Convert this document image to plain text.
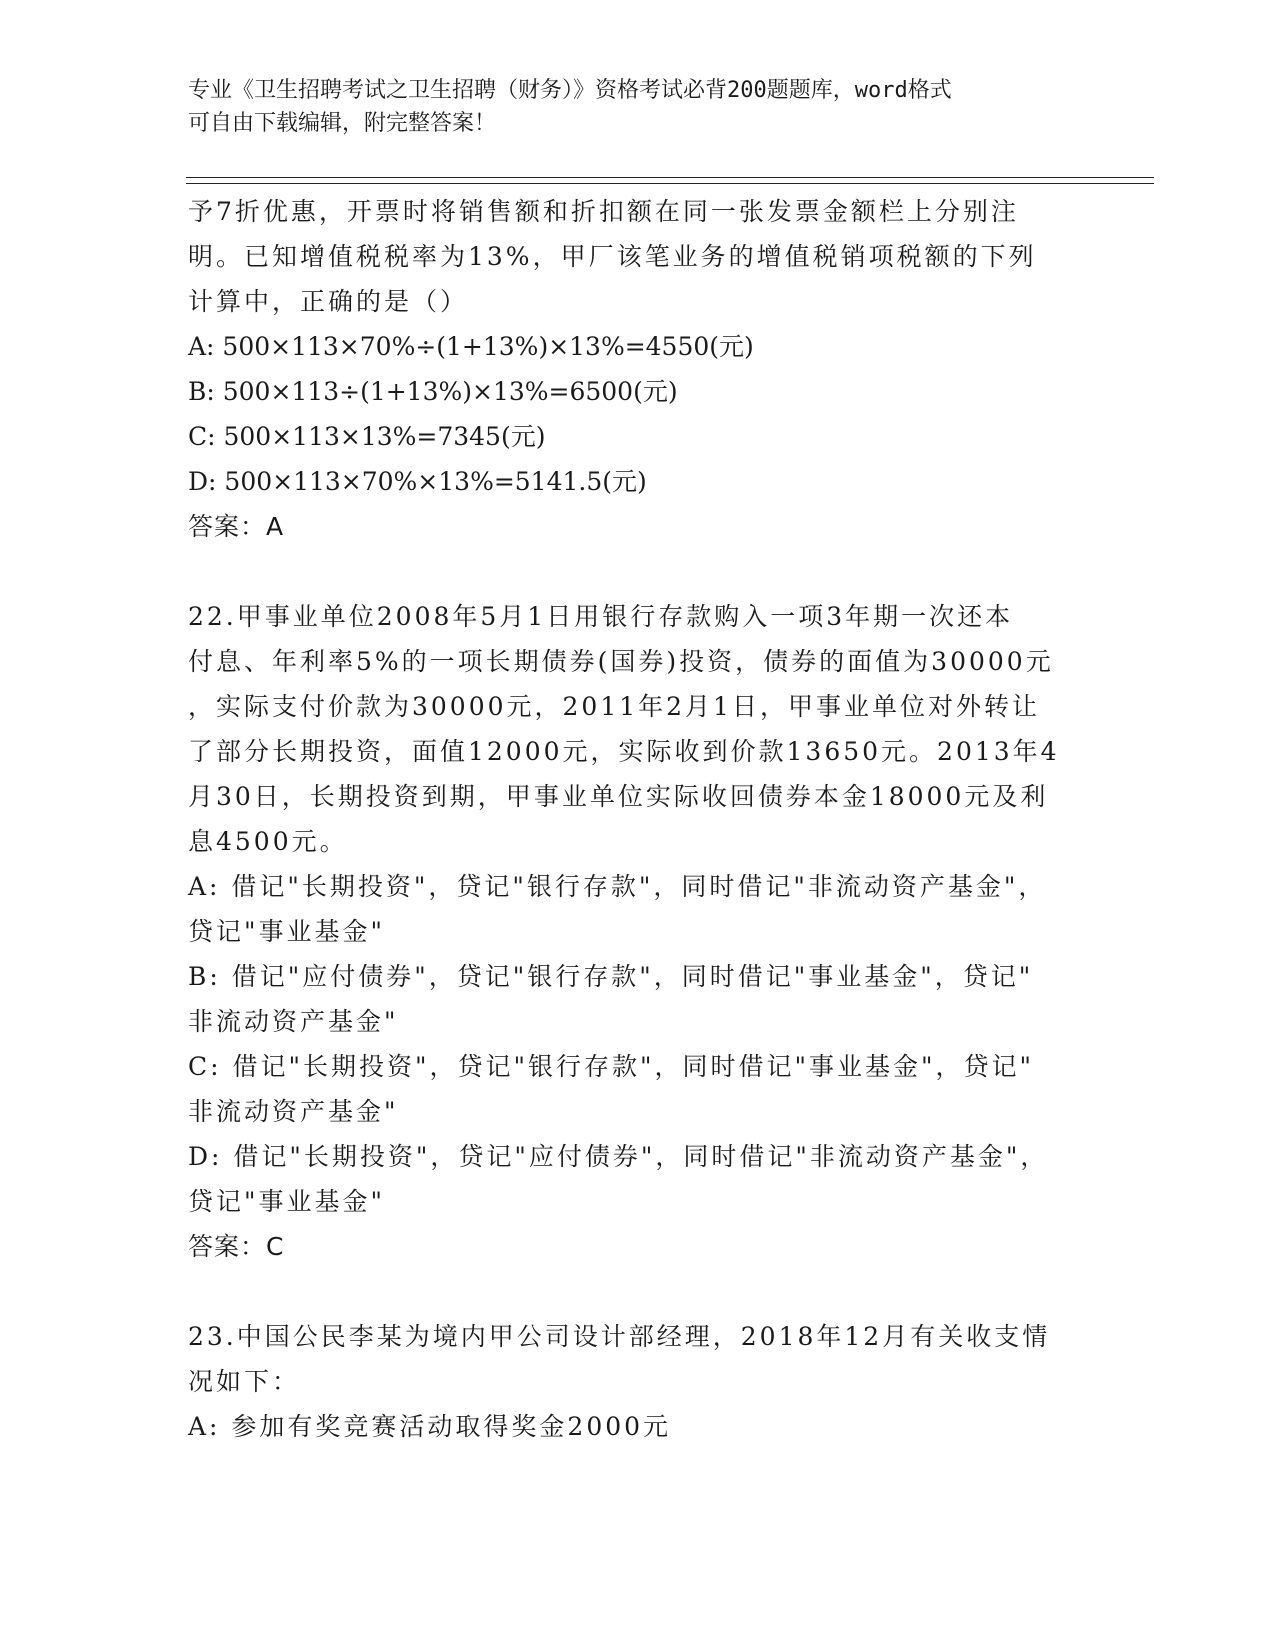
专业《卫生招聘考试之卫生招聘（财务）》资格考试必背200题题库，word格式
可自由下载编辑，附完整答案！
予7折优惠，开票时将销售额和折扣额在同一张发票金额栏上分别注
明。已知增值税税率为13%，甲厂该笔业务的增值税销项税额的下列
计算中，正确的是（）
A: 500×113×70%÷(1+13%)×13%=4550(元)
B: 500×113÷(1+13%)×13%=6500(元)
C: 500×113×13%=7345(元)
D: 500×113×70%×13%=5141.5(元)
答案：A
22.甲事业单位2008年5月1日用银行存款购入一项3年期一次还本
付息、年利率5%的一项长期债券(国券)投资，债券的面值为30000元
，实际支付价款为30000元，2011年2月1日，甲事业单位对外转让
了部分长期投资，面值12000元，实际收到价款13650元。2013年4
月30日，长期投资到期，甲事业单位实际收回债券本金18000元及利
息4500元。
A: 借记"长期投资"，贷记"银行存款"，同时借记"非流动资产基金"，
贷记"事业基金"
B: 借记"应付债券"，贷记"银行存款"，同时借记"事业基金"，贷记"
非流动资产基金"
C: 借记"长期投资"，贷记"银行存款"，同时借记"事业基金"，贷记"
非流动资产基金"
D: 借记"长期投资"，贷记"应付债券"，同时借记"非流动资产基金"，
贷记"事业基金"
答案：C
23.中国公民李某为境内甲公司设计部经理，2018年12月有关收支情
况如下：
A: 参加有奖竞赛活动取得奖金2000元
